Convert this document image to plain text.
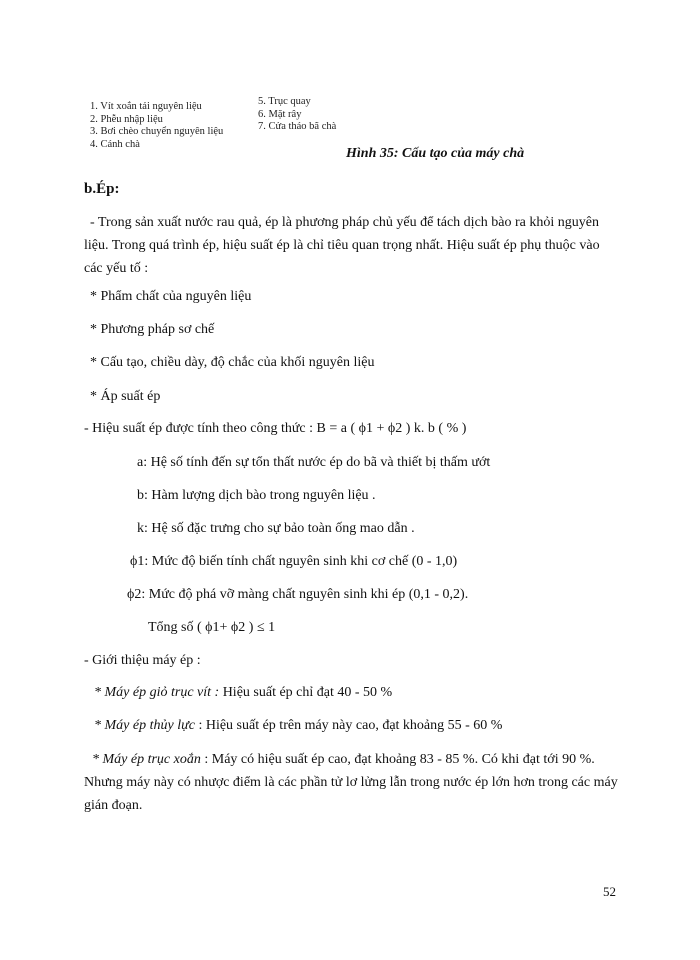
1. Vít xoắn tải nguyên liệu
2. Phễu nhập liệu
3. Bơi chèo chuyển nguyên liệu
4. Cánh chà
5. Trục quay
6. Mặt rây
7. Cửa tháo bã chà
Hình 35: Cấu tạo của máy chà
b.Ép:
- Trong sản xuất nước rau quả, ép là phương pháp chủ yếu để tách dịch bào ra khỏi nguyên liệu. Trong quá trình ép, hiệu suất ép là chỉ tiêu quan trọng nhất. Hiệu suất ép phụ thuộc vào các yếu tố :
* Phẩm chất của nguyên liệu
* Phương pháp sơ chế
* Cấu tạo, chiều dày, độ chắc của khối nguyên liệu
* Áp suất ép
- Hiệu suất ép được tính theo công thức : B = a ( ϕ1 + ϕ2 ) k. b ( % )
a: Hệ số tính đến sự tổn thất nước ép do bã và thiết bị thấm ướt
b: Hàm lượng dịch bào trong nguyên liệu .
k: Hệ số đặc trưng cho sự bảo toàn ống mao dẫn .
ϕ1: Mức độ biến tính chất nguyên sinh khi cơ chế (0 - 1,0)
ϕ2: Mức độ phá vỡ màng chất nguyên sinh khi ép (0,1 - 0,2).
Tổng số ( ϕ1+ ϕ2 ) ≤ 1
- Giới thiệu máy ép :
* Máy ép giỏ trục vít : Hiệu suất ép chỉ đạt 40 - 50 %
* Máy ép thủy lực : Hiệu suất ép trên máy này cao, đạt khoảng 55 - 60 %
* Máy ép trục xoắn : Máy có hiệu suất ép cao, đạt khoảng 83 - 85 %. Có khi đạt tới 90 %. Nhưng máy này có nhược điểm là các phần tử lơ lửng lẫn trong nước ép lớn hơn trong các máy gián đoạn.
52
